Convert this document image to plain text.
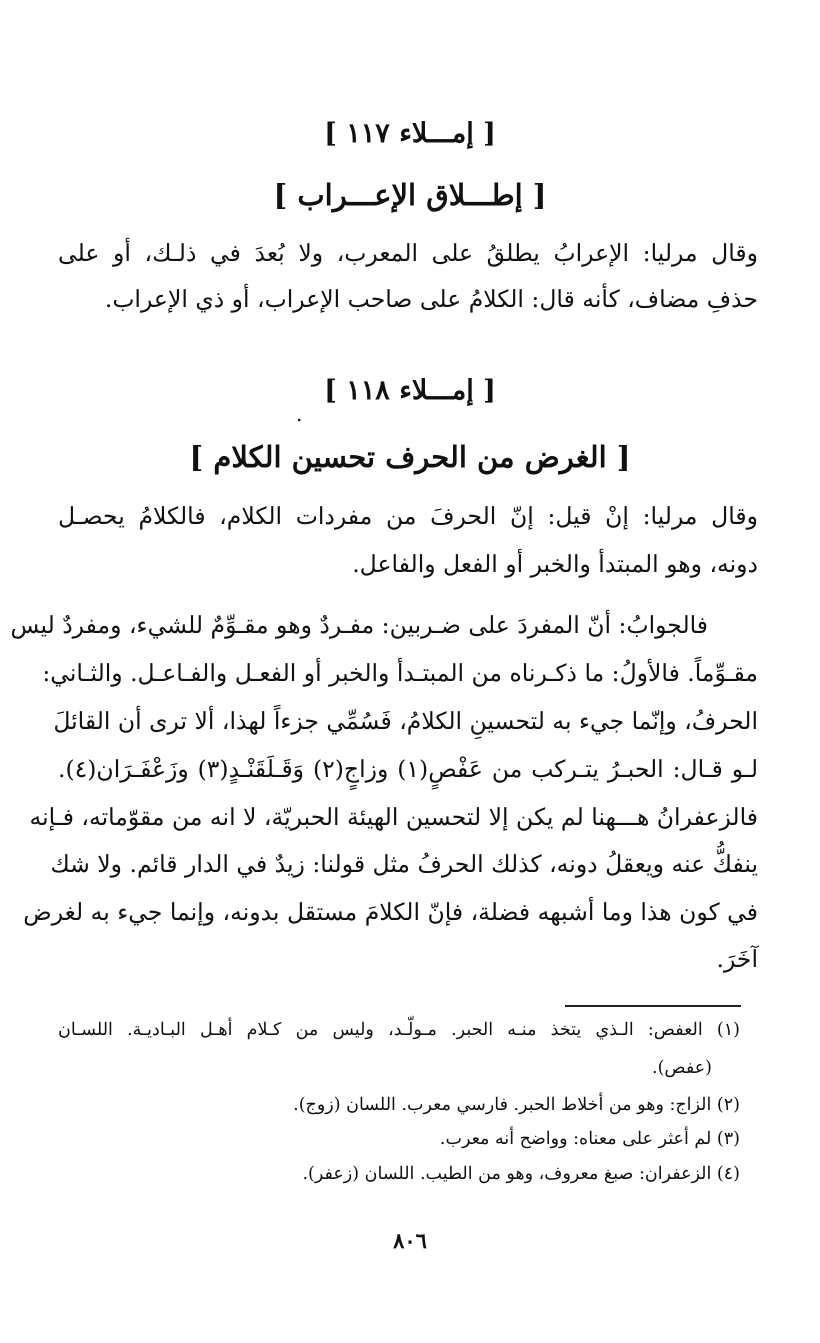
[ إمـــلاء ١١٧ ]
[ إطـــلاق الإعـــراب ]
وقال مرليا: الإعرابُ يطلقُ على المعرب، ولا بُعدَ في ذلـك، أو على
حذفِ مضاف، كأنه قال: الكلامُ على صاحب الإعراب، أو ذي الإعراب.
[ إمـــلاء ١١٨ ]
.
[ الغرض من الحرف تحسين الكلام ]
وقال مرليا: إنْ قيل: إنّ الحرفَ من مفردات الكلام، فالكلامُ يحصـل
دونه، وهو المبتدأ والخبر أو الفعل والفاعل.
فالجوابُ: أنّ المفردَ على ضـربين: مفـردٌ وهو مقـوِّمٌ للشيء، ومفردٌ ليس
مقـوِّماً. فالأولُ: ما ذكـرناه من المبتـدأ والخبر أو الفعـل والفـاعـل. والثـاني:
الحرفُ، وإنّما جيء به لتحسينِ الكلامُ، فَسُمِّي جزءاً لهذا، ألا ترى أن القائلَ
لـو قـال: الحبـرُ يتـركب من عَفْصٍ(١) وزاجٍ(٢) وَقَـلَقَنْـدٍ(٣) وزَعْفَـرَان(٤).
فالزعفرانُ هـــهنا لم يكن إلا لتحسين الهيئة الحبريّة، لا انه من مقوّماته، فـإنه
ينفكُّ عنه ويعقلُ دونه، كذلك الحرفُ مثل قولنا: زيدٌ في الدار قائم. ولا شك
في كون هذا وما أشبهه فضلة، فإنّ الكلامَ مستقل بدونه، وإنما جيء به لغرض
آخَرَ.
(١) العفص: الـذي يتخذ منـه الحبر. مـولّـد، وليس من كـلام أهـل البـاديـة. اللسـان
(عفص).
(٢) الزاج: وهو من أخلاط الحبر. فارسي معرب. اللسان (زوج).
(٣) لم أعثر على معناه: وواضح أنه معرب.
(٤) الزعفران: صبغ معروف، وهو من الطيب. اللسان (زعفر).
٨٠٦
